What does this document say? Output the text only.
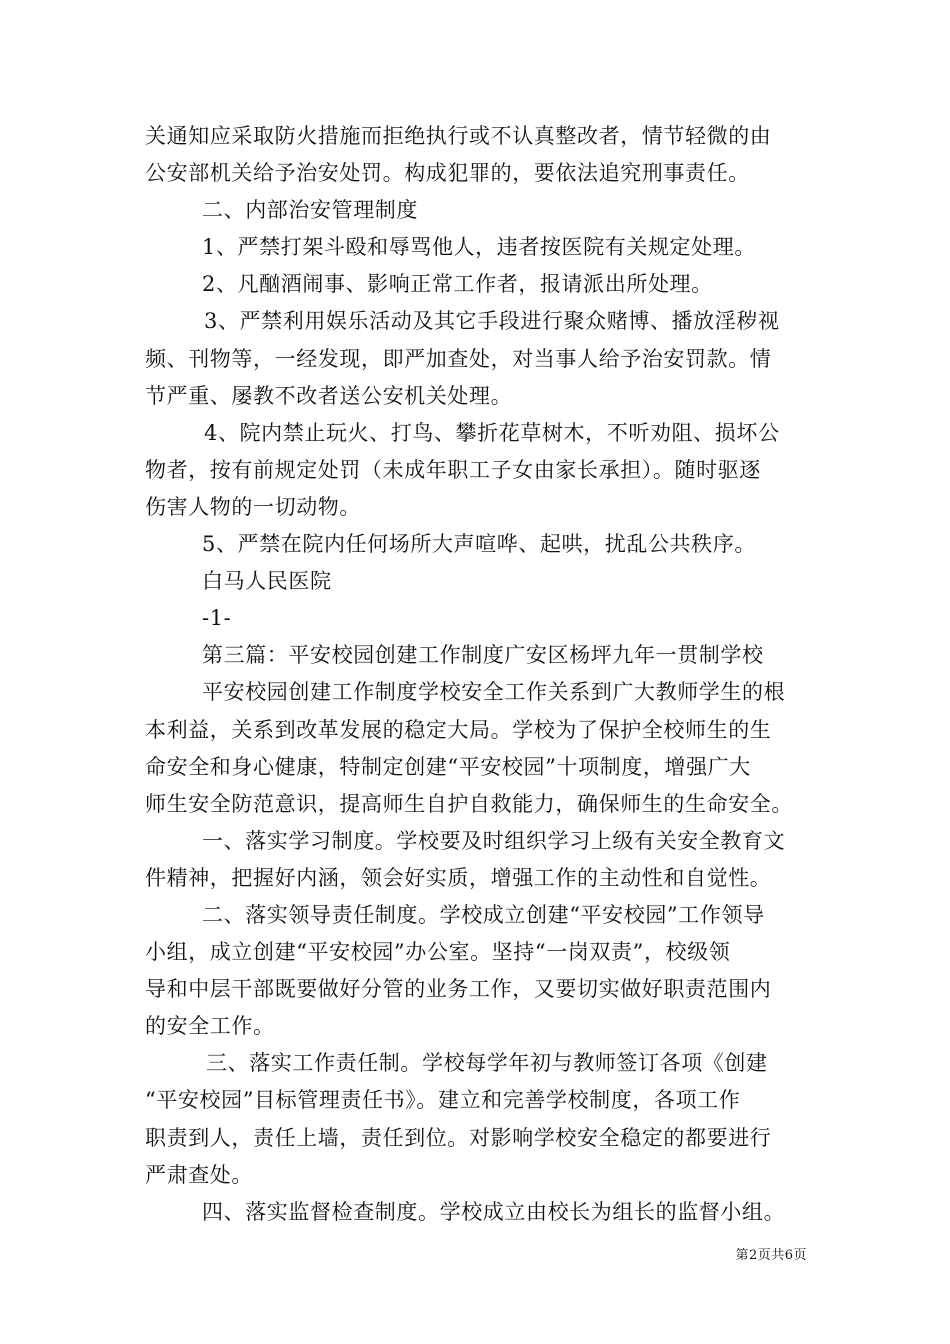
关通知应采取防火措施而拒绝执行或不认真整改者，情节轻微的由
公安部机关给予治安处罚。构成犯罪的，要依法追究刑事责任。
二、内部治安管理制度
1、严禁打架斗殴和辱骂他人，违者按医院有关规定处理。
2、凡酗酒闹事、影响正常工作者，报请派出所处理。
3、严禁利用娱乐活动及其它手段进行聚众赌博、播放淫秽视
频、刊物等，一经发现，即严加查处，对当事人给予治安罚款。情
节严重、屡教不改者送公安机关处理。
4、院内禁止玩火、打鸟、攀折花草树木，不听劝阻、损坏公
物者，按有前规定处罚（未成年职工子女由家长承担）。随时驱逐
伤害人物的一切动物。
5、严禁在院内任何场所大声喧哗、起哄，扰乱公共秩序。
白马人民医院
-1-
第三篇：平安校园创建工作制度广安区杨坪九年一贯制学校
平安校园创建工作制度学校安全工作关系到广大教师学生的根
本利益，关系到改革发展的稳定大局。学校为了保护全校师生的生
命安全和身心健康，特制定创建“平安校园”十项制度，增强广大
师生安全防范意识，提高师生自护自救能力，确保师生的生命安全。
一、落实学习制度。学校要及时组织学习上级有关安全教育文
件精神，把握好内涵，领会好实质，增强工作的主动性和自觉性。
二、落实领导责任制度。学校成立创建“平安校园”工作领导
小组，成立创建“平安校园”办公室。坚持“一岗双责”，校级领
导和中层干部既要做好分管的业务工作，又要切实做好职责范围内
的安全工作。
三、落实工作责任制。学校每学年初与教师签订各项《创建
“平安校园”目标管理责任书》。建立和完善学校制度，各项工作
职责到人，责任上墙，责任到位。对影响学校安全稳定的都要进行
严肃查处。
四、落实监督检查制度。学校成立由校长为组长的监督小组。
第2页共6页
